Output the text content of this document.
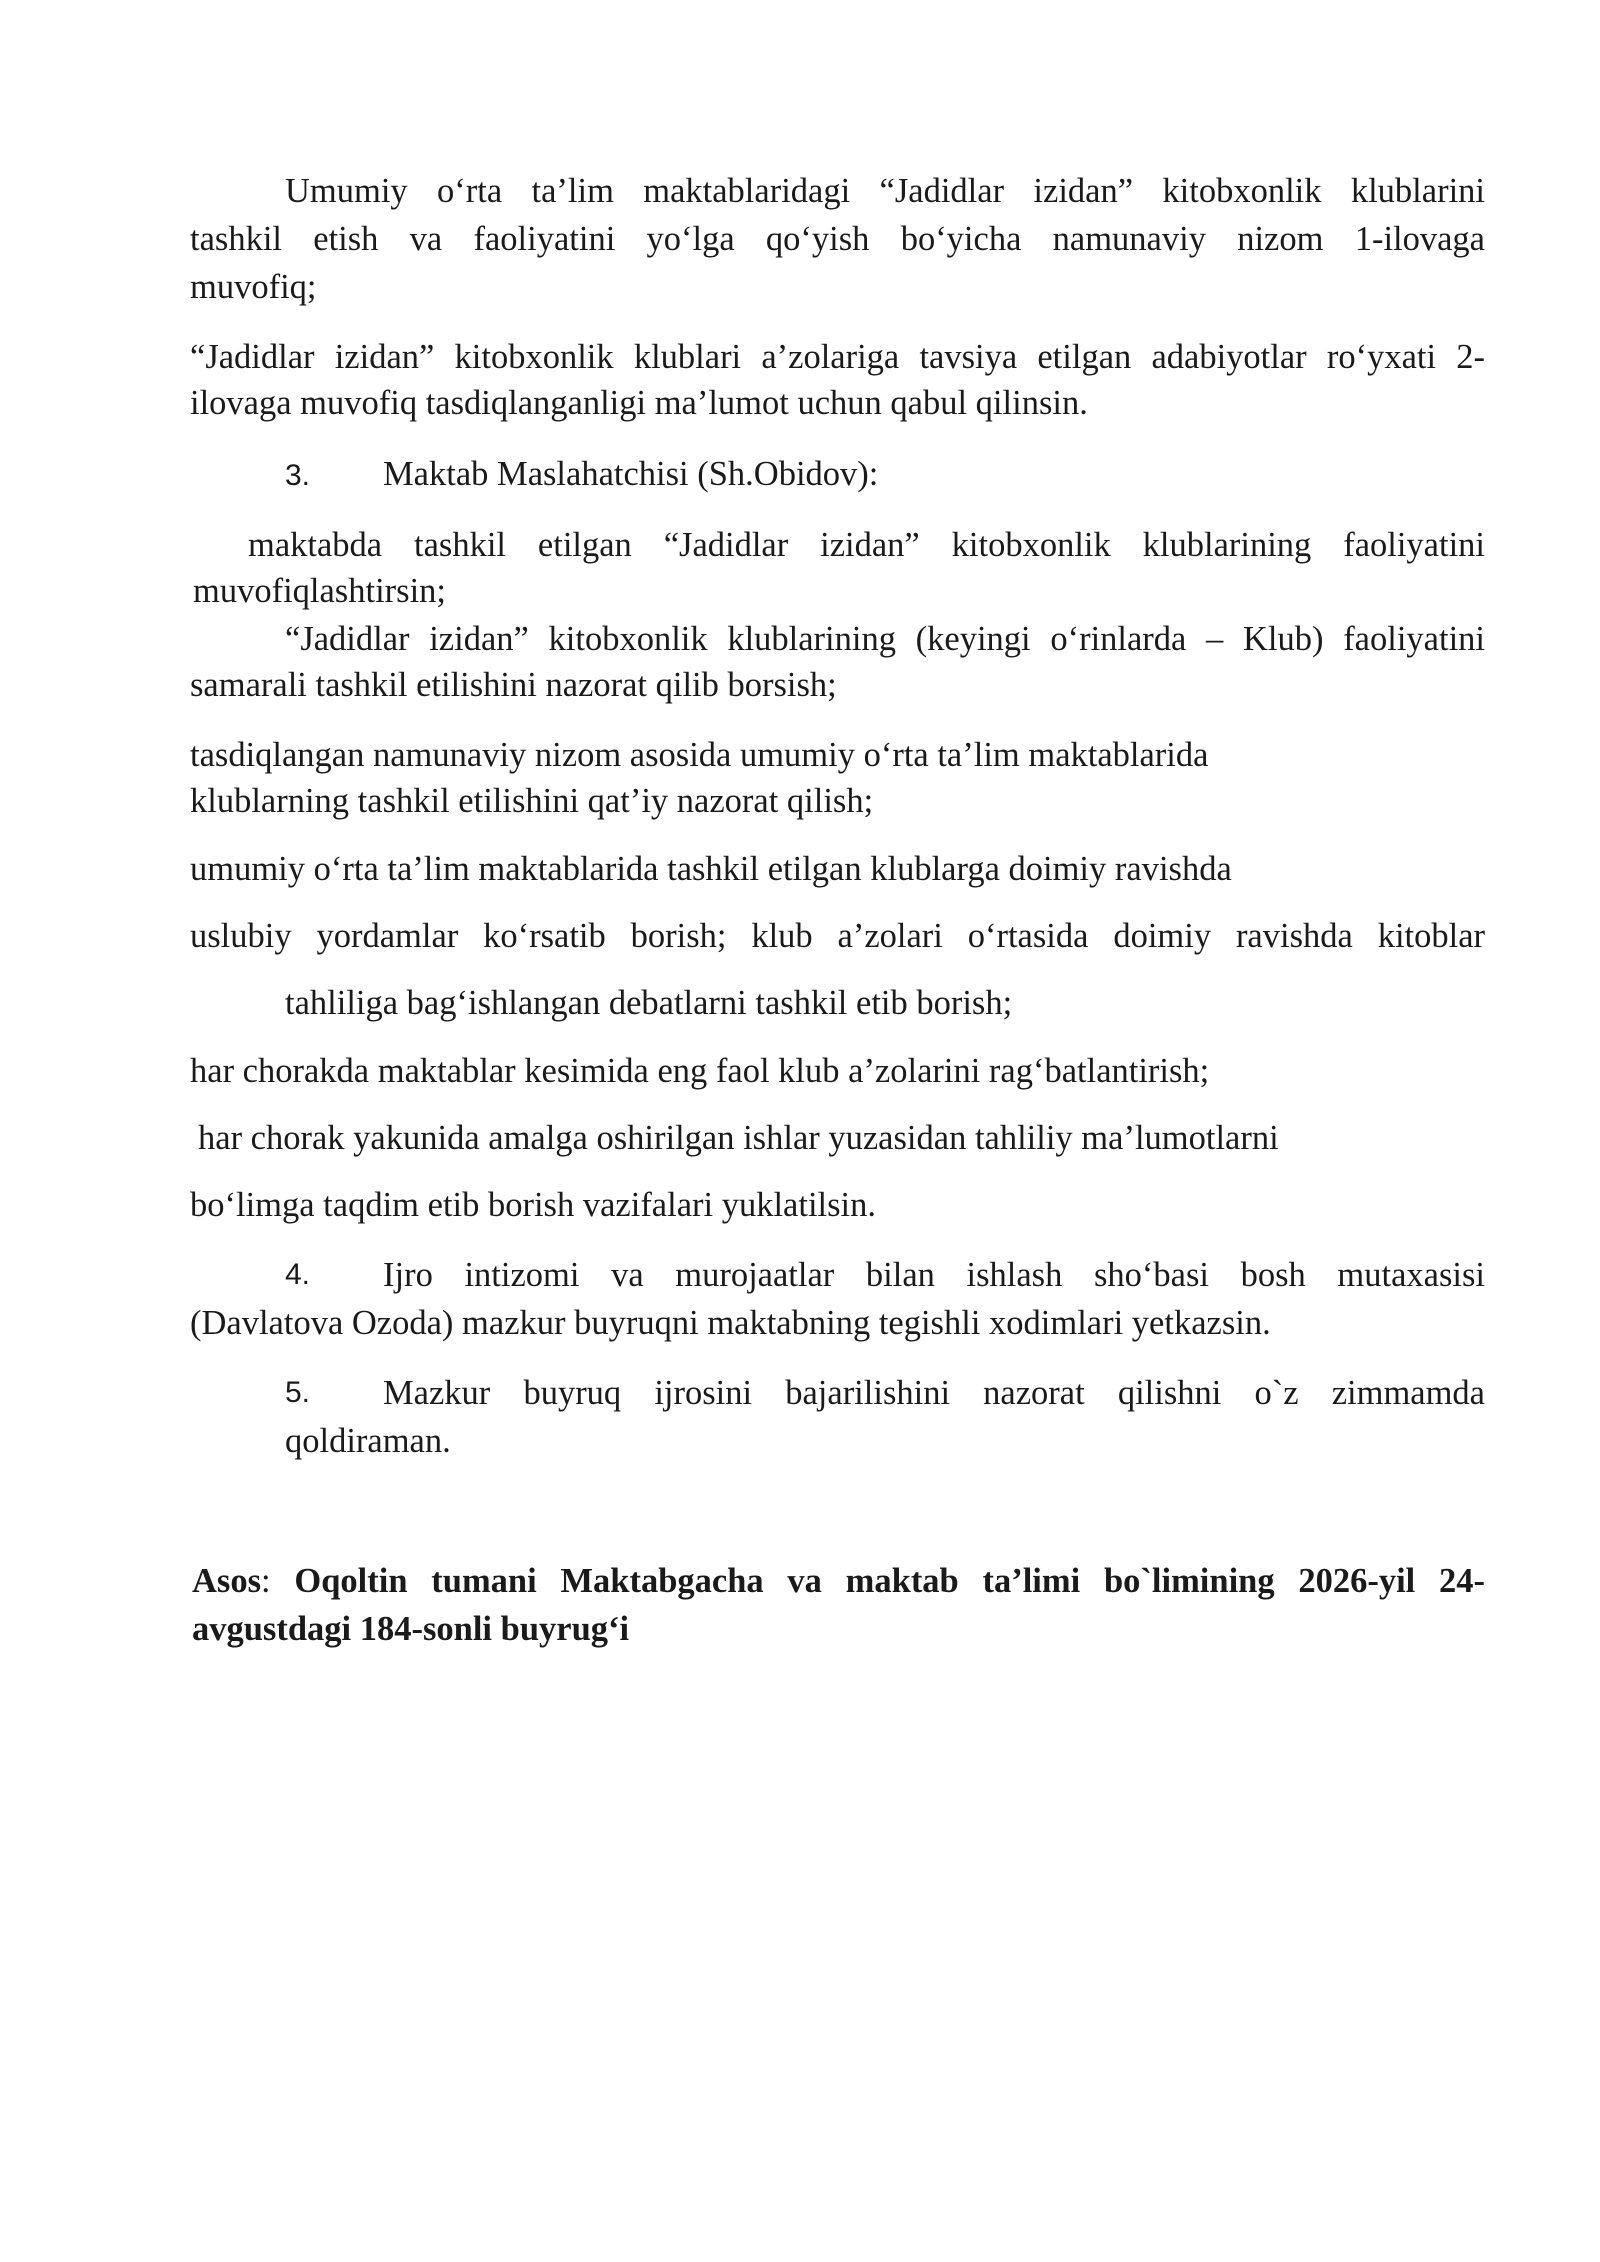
Umumiy o‘rta ta’lim maktablaridagi “Jadidlar izidan” kitobxonlik klublarini
tashkil etish va faoliyatini yo‘lga qo‘yish bo‘yicha namunaviy nizom 1-ilovaga
muvofiq;
“Jadidlar izidan” kitobxonlik klublari a’zolariga tavsiya etilgan adabiyotlar ro‘yxati 2-
ilovaga muvofiq tasdiqlanganligi ma’lumot uchun qabul qilinsin.
3. Maktab Maslahatchisi (Sh.Obidov):
maktabda tashkil etilgan “Jadidlar izidan” kitobxonlik klublarining faoliyatini
muvofiqlashtirsin;
“Jadidlar izidan” kitobxonlik klublarining (keyingi o‘rinlarda – Klub) faoliyatini
samarali tashkil etilishini nazorat qilib borsish;
tasdiqlangan namunaviy nizom asosida umumiy o‘rta ta’lim maktablarida
klublarning tashkil etilishini qat’iy nazorat qilish;
umumiy o‘rta ta’lim maktablarida tashkil etilgan klublarga doimiy ravishda
uslubiy yordamlar ko‘rsatib borish; klub a’zolari o‘rtasida doimiy ravishda kitoblar
tahliliga bag‘ishlangan debatlarni tashkil etib borish;
har chorakda maktablar kesimida eng faol klub a’zolarini rag‘batlantirish;
har chorak yakunida amalga oshirilgan ishlar yuzasidan tahliliy ma’lumotlarni
bo‘limga taqdim etib borish vazifalari yuklatilsin.
4.	Ijro intizomi va murojaatlar bilan ishlash sho‘basi bosh mutaxasisi
(Davlatova Ozoda) mazkur buyruqni maktabning tegishli xodimlari yetkazsin.
5.	Mazkur buyruq ijrosini bajarilishini nazorat qilishni o`z zimmamda
qoldiraman.
Asos: Oqoltin tumani Maktabgacha va maktab ta’limi bo`limining 2026-yil 24-
avgustdagi 184-sonli buyrug‘i
